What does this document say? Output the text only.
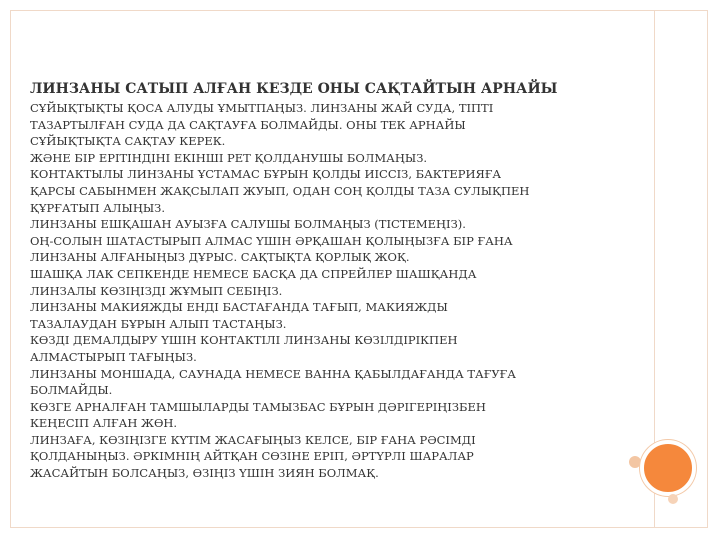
ЛИНЗАНЫ САТЫП АЛҒАН КЕЗДЕ ОНЫ САҚТАЙТЫН АРНАЙЫ
СҰЙЫҚТЫҚТЫ ҚОСА АЛУДЫ ҰМЫТПАҢЫЗ. ЛИНЗАНЫ ЖАЙ СУДА, ТІПТІ
ТАЗАРТЫЛҒАН СУДА ДА САҚТАУҒА БОЛМАЙДЫ. ОНЫ ТЕК АРНАЙЫ
СҰЙЫҚТЫҚТА САҚТАУ КЕРЕК.
ЖӘНЕ БІР ЕРІТІНДІНІ ЕКІНШІ РЕТ ҚОЛДАНУШЫ БОЛМАҢЫЗ.
КОНТАКТЫЛЫ ЛИНЗАНЫ ҰСТАМАС БҰРЫН ҚОЛДЫ ИІССІЗ, БАКТЕРИЯҒА
ҚАРСЫ САБЫНМЕН ЖАҚСЫЛАП ЖУЫП, ОДАН СОҢ ҚОЛДЫ ТАЗА СУЛЫҚПЕН
ҚҰРҒАТЫП АЛЫҢЫЗ.
ЛИНЗАНЫ ЕШҚАШАН АУЫЗҒА САЛУШЫ БОЛМАҢЫЗ (ТІСТЕМЕҢІЗ).
ОҢ-СОЛЫН ШАТАСТЫРЫП АЛМАС ҮШІН ӘРҚАШАН ҚОЛЫҢЫЗҒА БІР ҒАНА
ЛИНЗАНЫ АЛҒАНЫҢЫЗ ДҰРЫС. САҚТЫҚТА ҚОРЛЫҚ ЖОҚ.
ШАШҚА ЛАК СЕПКЕНДЕ НЕМЕСЕ БАСҚА ДА СПРЕЙЛЕР ШАШҚАНДА
ЛИНЗАЛЫ КӨЗІҢІЗДІ ЖҰМЫП СЕБІҢІЗ.
ЛИНЗАНЫ МАКИЯЖДЫ ЕНДІ БАСТАҒАНДА ТАҒЫП, МАКИЯЖДЫ
ТАЗАЛАУДАН БҰРЫН АЛЫП ТАСТАҢЫЗ.
КӨЗДІ ДЕМАЛДЫРУ ҮШІН КОНТАКТІЛІ ЛИНЗАНЫ КӨЗІЛДІРІКПЕН
АЛМАСТЫРЫП ТАҒЫҢЫЗ.
ЛИНЗАНЫ МОНШАДА, САУНАДА НЕМЕСЕ ВАННА ҚАБЫЛДАҒАНДА ТАҒУҒА
БОЛМАЙДЫ.
КӨЗГЕ АРНАЛҒАН ТАМШЫЛАРДЫ ТАМЫЗБАС БҰРЫН ДӘРІГЕРІҢІЗБЕН
КЕҢЕСІП АЛҒАН ЖӨН.
ЛИНЗАҒА, КӨЗІҢІЗГЕ КҮТІМ ЖАСАҒЫҢЫЗ КЕЛСЕ, БІР ҒАНА РӘСІМДІ
ҚОЛДАНЫҢЫЗ. ӘРКІМНІҢ АЙТҚАН СӨЗІНЕ ЕРІП, ӘРТҮРЛІ ШАРАЛАР
ЖАСАЙТЫН БОЛСАҢЫЗ, ӨЗІҢІЗ ҮШІН ЗИЯН БОЛМАҚ.
